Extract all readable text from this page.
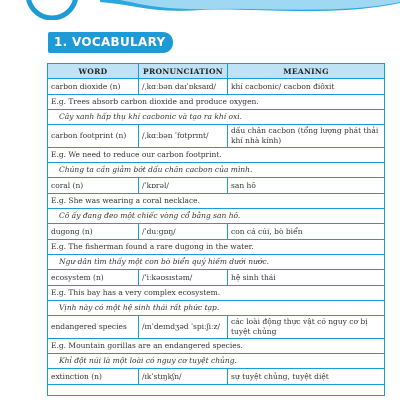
1. VOCABULARY
WORD	PRONUNCIATION	MEANING
carbon dioxide (n)	/ˌkɑːbən daɪˈɒksaɪd/	khí cacbonic/ cacbon điôxit
E.g. Trees absorb carbon dioxide and produce oxygen.		
Cây xanh hấp thụ khí cacbonic và tạo ra khí oxi.		
carbon footprint (n)	/ˌkɑːbən ˈfʊtprɪnt/	dấu chân cacbon (tổng lượng phát thải khí nhà kính)
E.g. We need to reduce our carbon footprint.		
Chúng ta cần giảm bớt dấu chân cacbon của mình.		
coral (n)	/ˈkɒrəl/	san hô
E.g. She was wearing a coral necklace.		
Cô ấy đang đeo một chiếc vòng cổ bằng san hô.		
dugong (n)	/ˈduːgɒŋ/	con cá cúi, bò biển
E.g. The fisherman found a rare dugong in the water.		
Ngư dân tìm thấy một con bò biển quý hiếm dưới nước.		
ecosystem (n)	/ˈiːkəʊsɪstəm/	hệ sinh thái
E.g. This bay has a very complex ecosystem.		
Vịnh này có một hệ sinh thái rất phức tạp.		
endangered species	/ɪnˈdeɪndʒəd ˈspiːʃiːz/	các loài động thực vật có nguy cơ bị tuyệt chủng
E.g. Mountain gorillas are an endangered species.		
Khỉ đột núi là một loài có nguy cơ tuyệt chủng.		
extinction (n)	/ɪkˈstɪŋkʃn/	sự tuyệt chủng, tuyệt diệt
